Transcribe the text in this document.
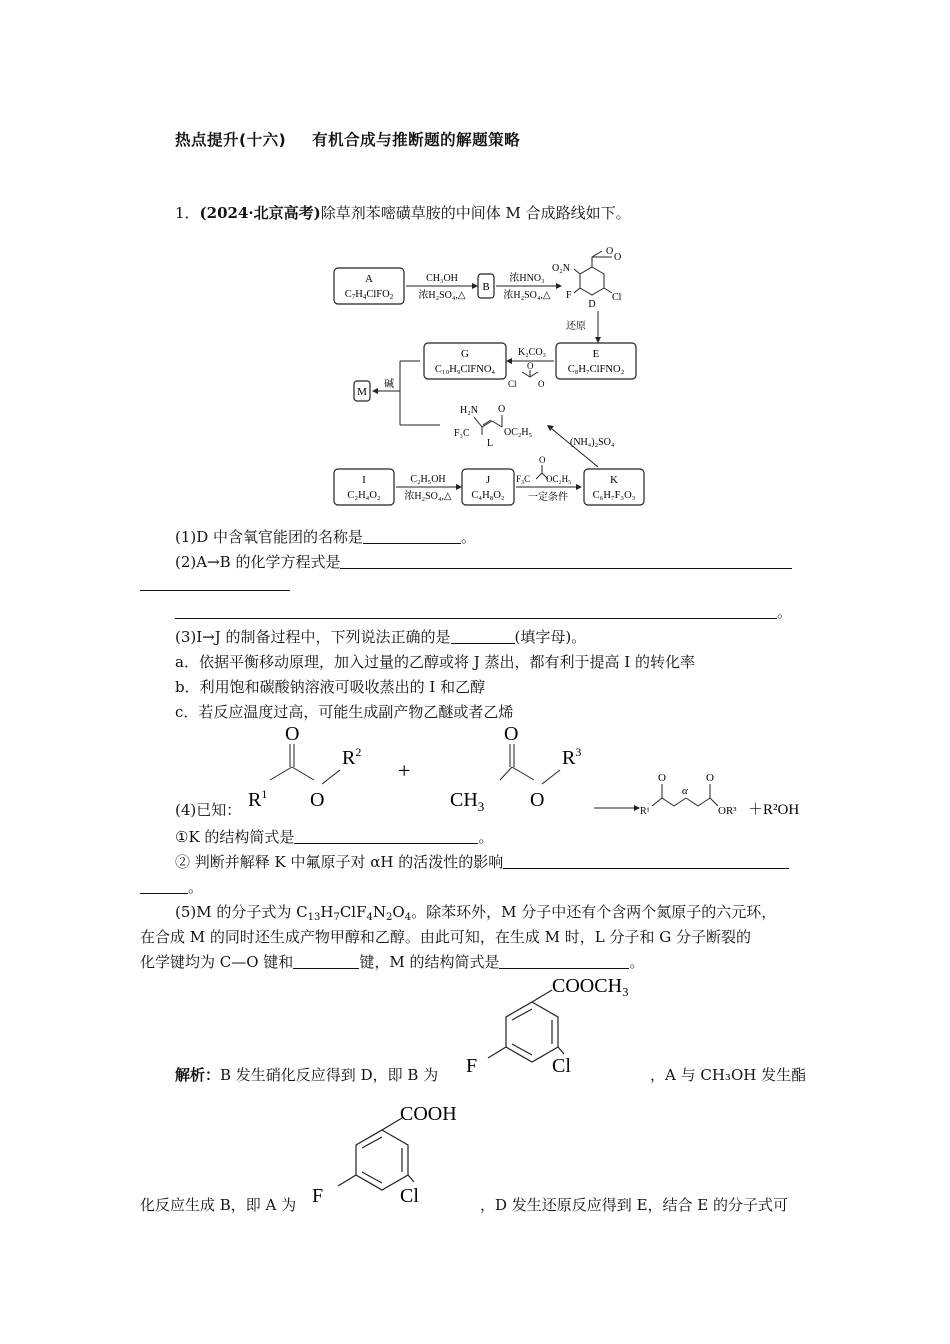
热点提升(十六) 有机合成与推断题的解题策略
1．(2024·北京高考)除草剂苯嘧磺草胺的中间体 M 合成路线如下。
A
C7H4ClFO2
CH₃OH
浓H₂SO₄,△
B
浓HNO₃
浓H₂SO₄,△
O₂N
O
O
F	Cl
D
还原
E
C₈H₇ClFNO₂
K₂CO₃
O
Cl O
G
C₁₀H₉ClFNO₄
碱
M
H₂N O
F₃C	OC₂H₅
L	(NH₄)₂SO₄
I
C₂H₄O₂
C₂H₅OH
浓H₂SO₄,△
J
C₄H₈O₂
F₃C
O
OC₂H₅
一定条件
K
C₆H₇F₃O₃
(1)D 中含氧官能团的名称是	。
(2)A→B 的化学方程式是
。
(3)I→J 的制备过程中，下列说法正确的是	(填字母)。
a．依据平衡移动原理，加入过量的乙醇或将 J 蒸出，都有利于提高 I 的转化率
b．利用饱和碳酸钠溶液可吸收蒸出的 I 和乙醇
c．若反应温度过高，可能生成副产物乙醚或者乙烯
(4)已知：
O
$R^2$
$R^1$ O
+
O
$R^3$
$CH_3$ O
O	O
α
R¹	OR³ ＋R²OH
①K 的结构简式是	。
② 判断并解释 K 中氟原子对 αH 的活泼性的影响
。
(5)M 的分子式为 $C_{13}H_7ClF_4N_2O_4$。除苯环外，M 分子中还有个含两个氮原子的六元环，
在合成 M 的同时还生成产物甲醇和乙醇。由此可知，在生成 M 时，L 分子和 G 分子断裂的
化学键均为 C—O 键和	键，M 的结构简式是	。
COOCH₃
F	Cl
解析：B 发生硝化反应得到 D，即 B 为	，A 与 CH₃OH 发生酯
COOH
F	Cl
化反应生成 B，即 A 为	，D 发生还原反应得到 E，结合 E 的分子式可
